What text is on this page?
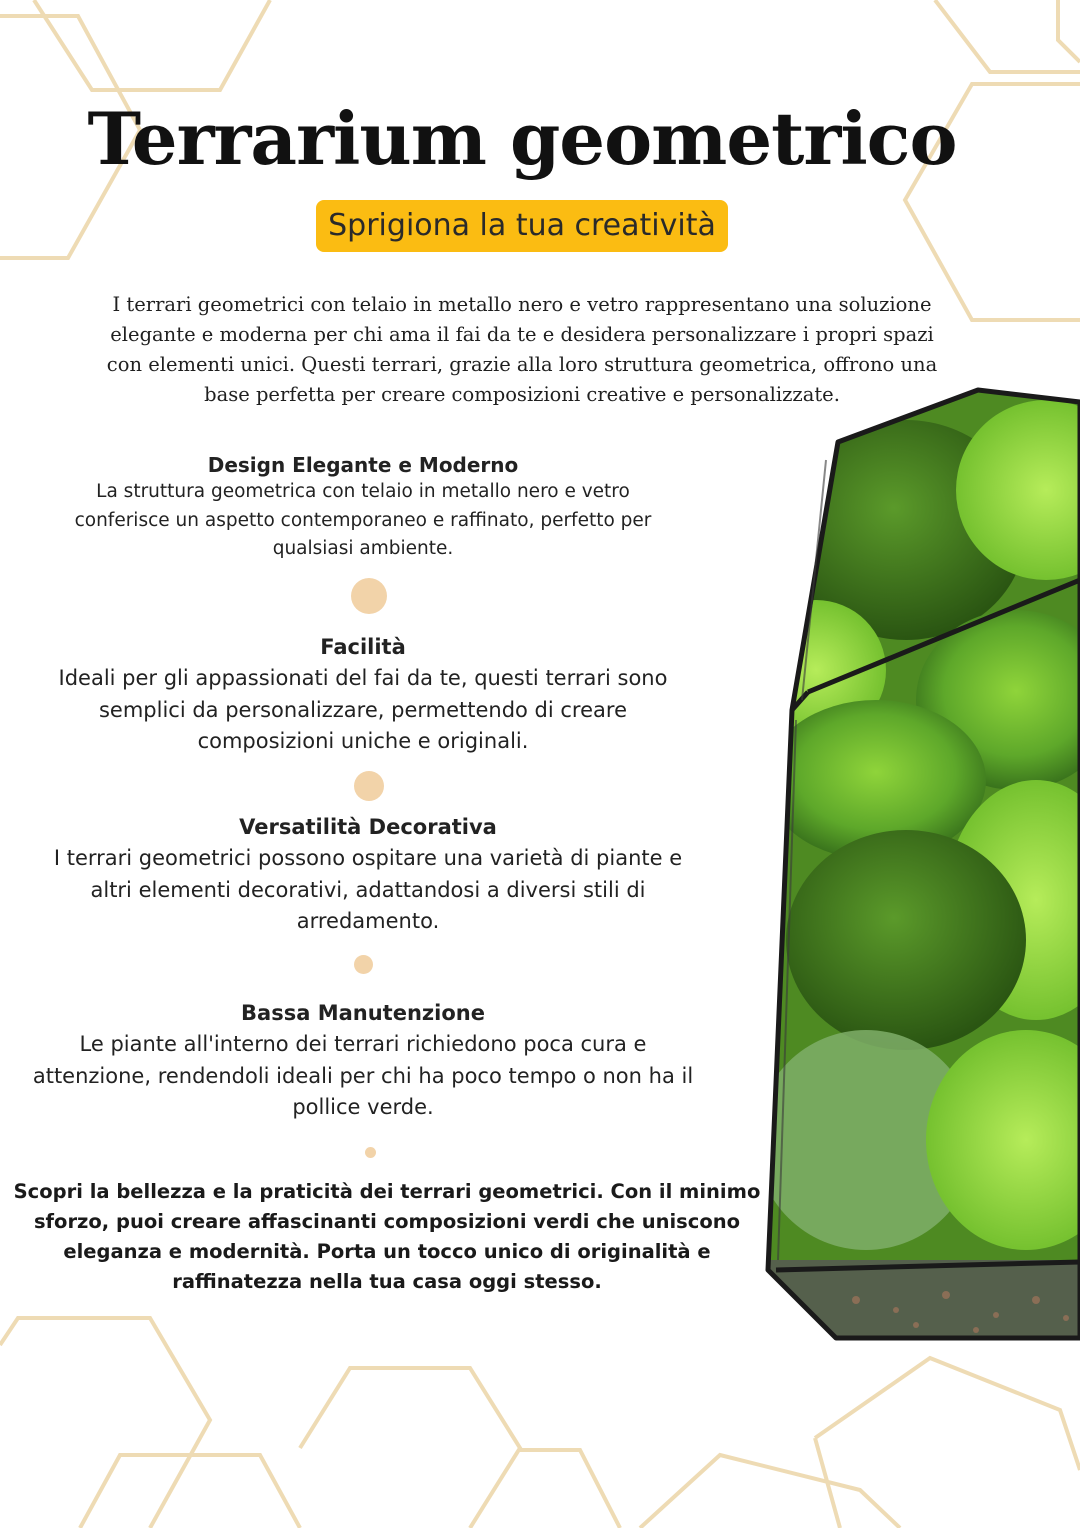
Terrarium geometrico
Sprigiona la tua creatività

I terrari geometrici con telaio in metallo nero e vetro rappresentano una soluzione elegante e moderna per chi ama il fai da te e desidera personalizzare i propri spazi con elementi unici. Questi terrari, grazie alla loro struttura geometrica, offrono una base perfetta per creare composizioni creative e personalizzate.

Design Elegante e Moderno

La struttura geometrica con telaio in metallo nero e vetro conferisce un aspetto contemporaneo e raffinato, perfetto per qualsiasi ambiente.

Facilità

Ideali per gli appassionati del fai da te, questi terrari sono semplici da personalizzare, permettendo di creare composizioni uniche e originali.

Versatilità Decorativa

I terrari geometrici possono ospitare una varietà di piante e altri elementi decorativi, adattandosi a diversi stili di arredamento.

Bassa Manutenzione

Le piante all'interno dei terrari richiedono poca cura e attenzione, rendendoli ideali per chi ha poco tempo o non ha il pollice verde.

Scopri la bellezza e la praticità dei terrari geometrici. Con il minimo sforzo, puoi creare affascinanti composizioni verdi che uniscono eleganza e modernità. Porta un tocco unico di originalità e raffinatezza nella tua casa oggi stesso.
